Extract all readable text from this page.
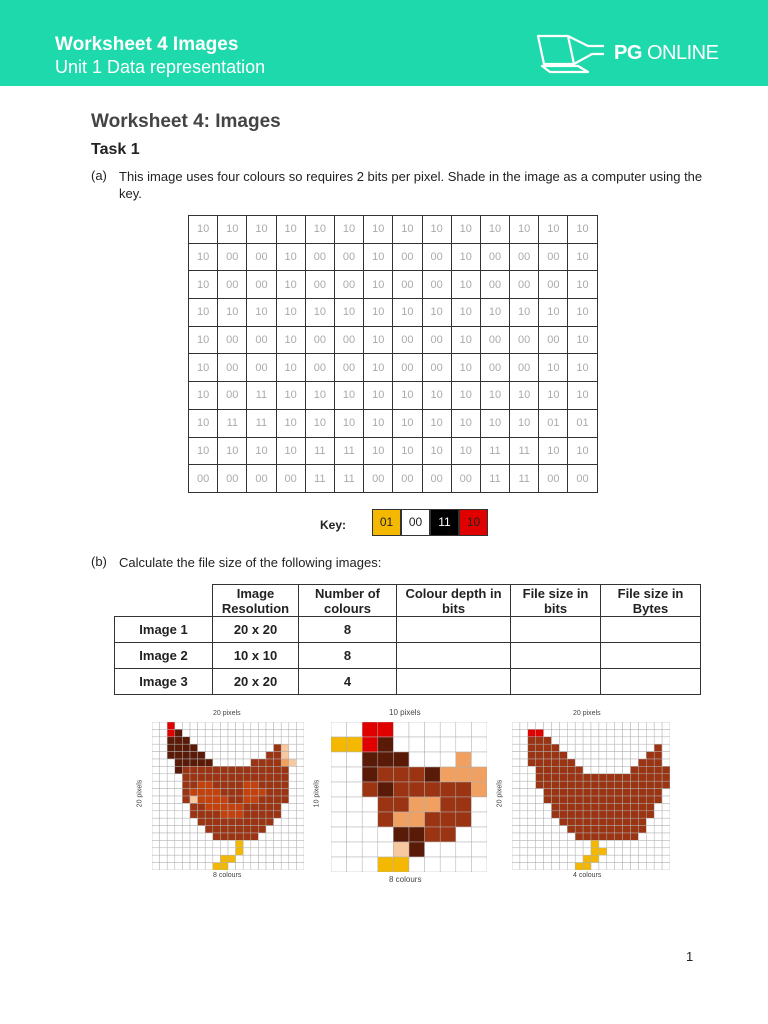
Worksheet 4 Images
Unit 1 Data representation
PG ONLINE
Worksheet 4: Images
Task 1
(a) This image uses four colours so requires 2 bits per pixel. Shade in the image as a computer using the key.
10	10	10	10	10	10	10	10	10	10	10	10	10	10
10	00	00	10	00	00	10	00	00	10	00	00	00	10
10	00	00	10	00	00	10	00	00	10	00	00	00	10
10	10	10	10	10	10	10	10	10	10	10	10	10	10
10	00	00	10	00	00	10	00	00	10	00	00	00	10
10	00	00	10	00	00	10	00	00	10	00	00	10	10
10	00	11	10	10	10	10	10	10	10	10	10	10	10
10	11	11	10	10	10	10	10	10	10	10	10	01	01
10	10	10	10	11	11	10	10	10	10	11	11	10	10
00	00	00	00	11	11	00	00	00	00	11	11	00	00
Key:	01	00	11	10
(b) Calculate the file size of the following images:
	Image Resolution	Number of colours	Colour depth in bits	File size in bits	File size in Bytes
Image 1	20 x 20	8			
Image 2	10 x 10	8			
Image 3	20 x 20	4			
20 pixels
20 pixels
8 colours
10 pixels
10 pixels
8 colours
20 pixels
20 pixels
4 colours
1
